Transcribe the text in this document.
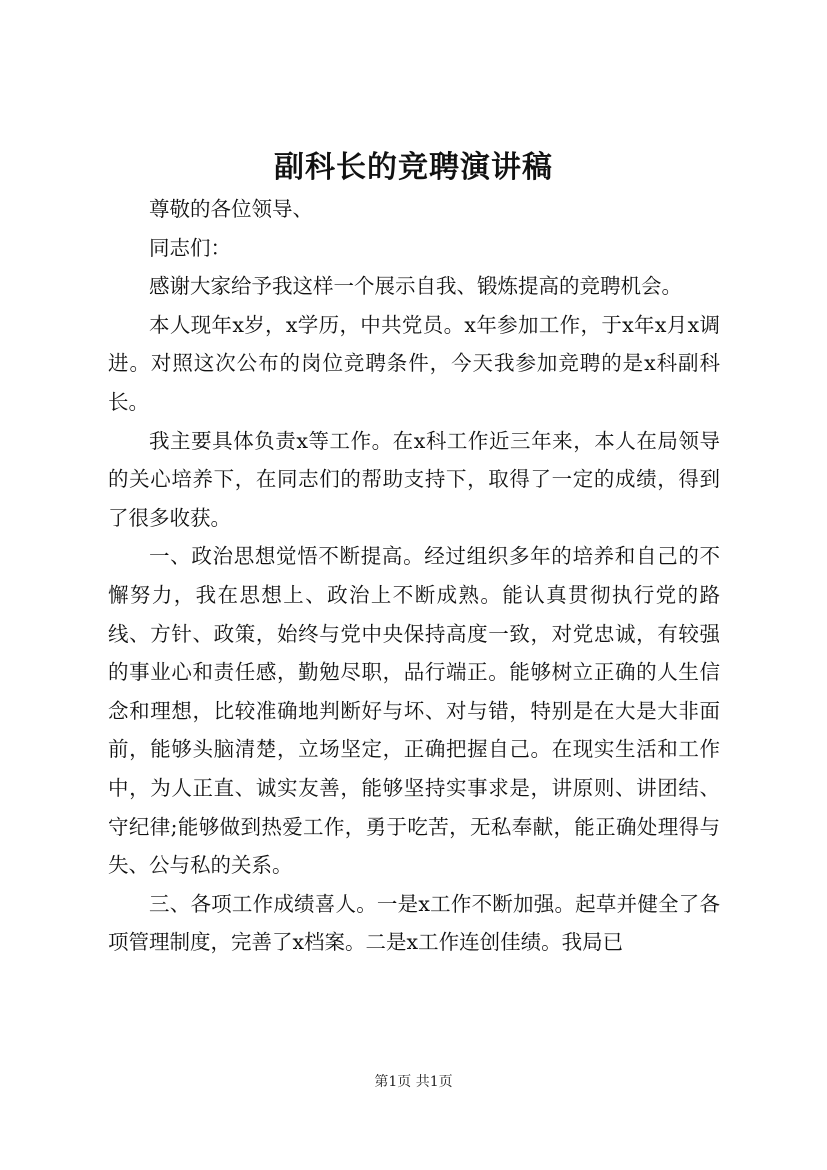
副科长的竞聘演讲稿

尊敬的各位领导、

同志们：

感谢大家给予我这样一个展示自我、锻炼提高的竞聘机会。

本人现年x岁，x学历，中共党员。x年参加工作，于x年x月x调进。对照这次公布的岗位竞聘条件，今天我参加竞聘的是x科副科长。

我主要具体负责x等工作。在x科工作近三年来，本人在局领导的关心培养下，在同志们的帮助支持下，取得了一定的成绩，得到了很多收获。

一、政治思想觉悟不断提高。经过组织多年的培养和自己的不懈努力，我在思想上、政治上不断成熟。能认真贯彻执行党的路线、方针、政策，始终与党中央保持高度一致，对党忠诚，有较强的事业心和责任感，勤勉尽职，品行端正。能够树立正确的人生信念和理想，比较准确地判断好与坏、对与错，特别是在大是大非面前，能够头脑清楚，立场坚定，正确把握自己。在现实生活和工作中，为人正直、诚实友善，能够坚持实事求是，讲原则、讲团结、守纪律;能够做到热爱工作，勇于吃苦，无私奉献，能正确处理得与失、公与私的关系。

三、各项工作成绩喜人。一是x工作不断加强。起草并健全了各项管理制度，完善了x档案。二是x工作连创佳绩。我局已

第1页 共1页
